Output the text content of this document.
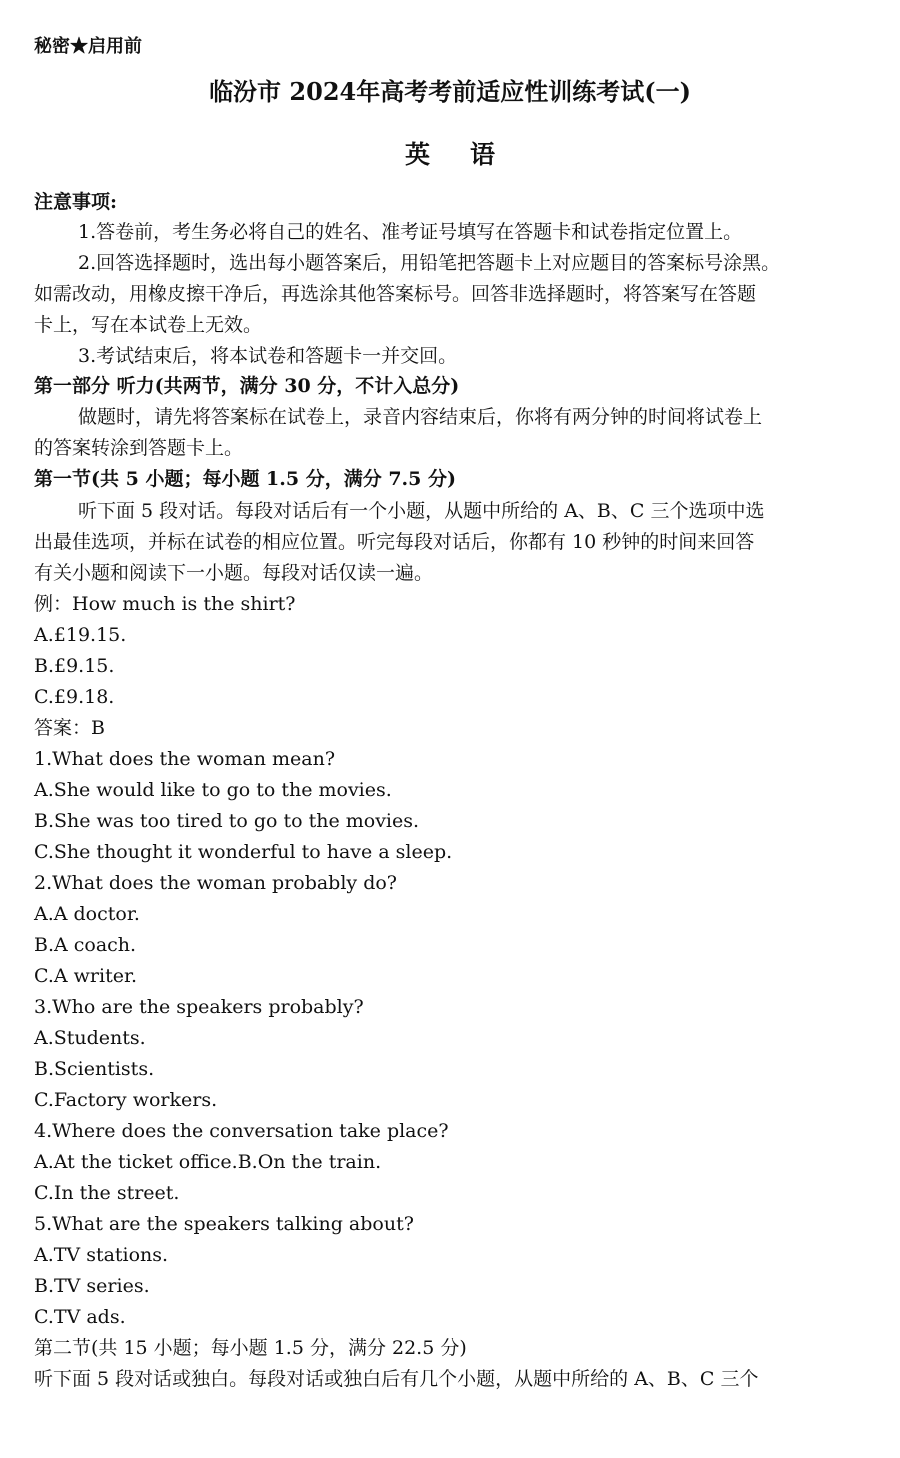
秘密★启用前
临汾市 2024年高考考前适应性训练考试(一)
英语
注意事项:
1.答卷前，考生务必将自己的姓名、准考证号填写在答题卡和试卷指定位置上。
2.回答选择题时，选出每小题答案后，用铅笔把答题卡上对应题目的答案标号涂黑。
如需改动，用橡皮擦干净后，再选涂其他答案标号。回答非选择题时，将答案写在答题
卡上，写在本试卷上无效。
3.考试结束后，将本试卷和答题卡一并交回。
第一部分 听力(共两节，满分 30 分，不计入总分)
做题时，请先将答案标在试卷上，录音内容结束后，你将有两分钟的时间将试卷上
的答案转涂到答题卡上。
第一节(共 5 小题；每小题 1.5 分，满分 7.5 分)
听下面 5 段对话。每段对话后有一个小题，从题中所给的 A、B、C 三个选项中选
出最佳选项，并标在试卷的相应位置。听完每段对话后，你都有 10 秒钟的时间来回答
有关小题和阅读下一小题。每段对话仅读一遍。
例：How much is the shirt?
A.£19.15.
B.£9.15.
C.£9.18.
答案：B
1.What does the woman mean?
A.She would like to go to the movies.
B.She was too tired to go to the movies.
C.She thought it wonderful to have a sleep.
2.What does the woman probably do?
A.A doctor.
B.A coach.
C.A writer.
3.Who are the speakers probably?
A.Students.
B.Scientists.
C.Factory workers.
4.Where does the conversation take place?
A.At the ticket office.B.On the train.
C.In the street.
5.What are the speakers talking about?
A.TV stations.
B.TV series.
C.TV ads.
第二节(共 15 小题；每小题 1.5 分，满分 22.5 分)
听下面 5 段对话或独白。每段对话或独白后有几个小题，从题中所给的 A、B、C 三个
